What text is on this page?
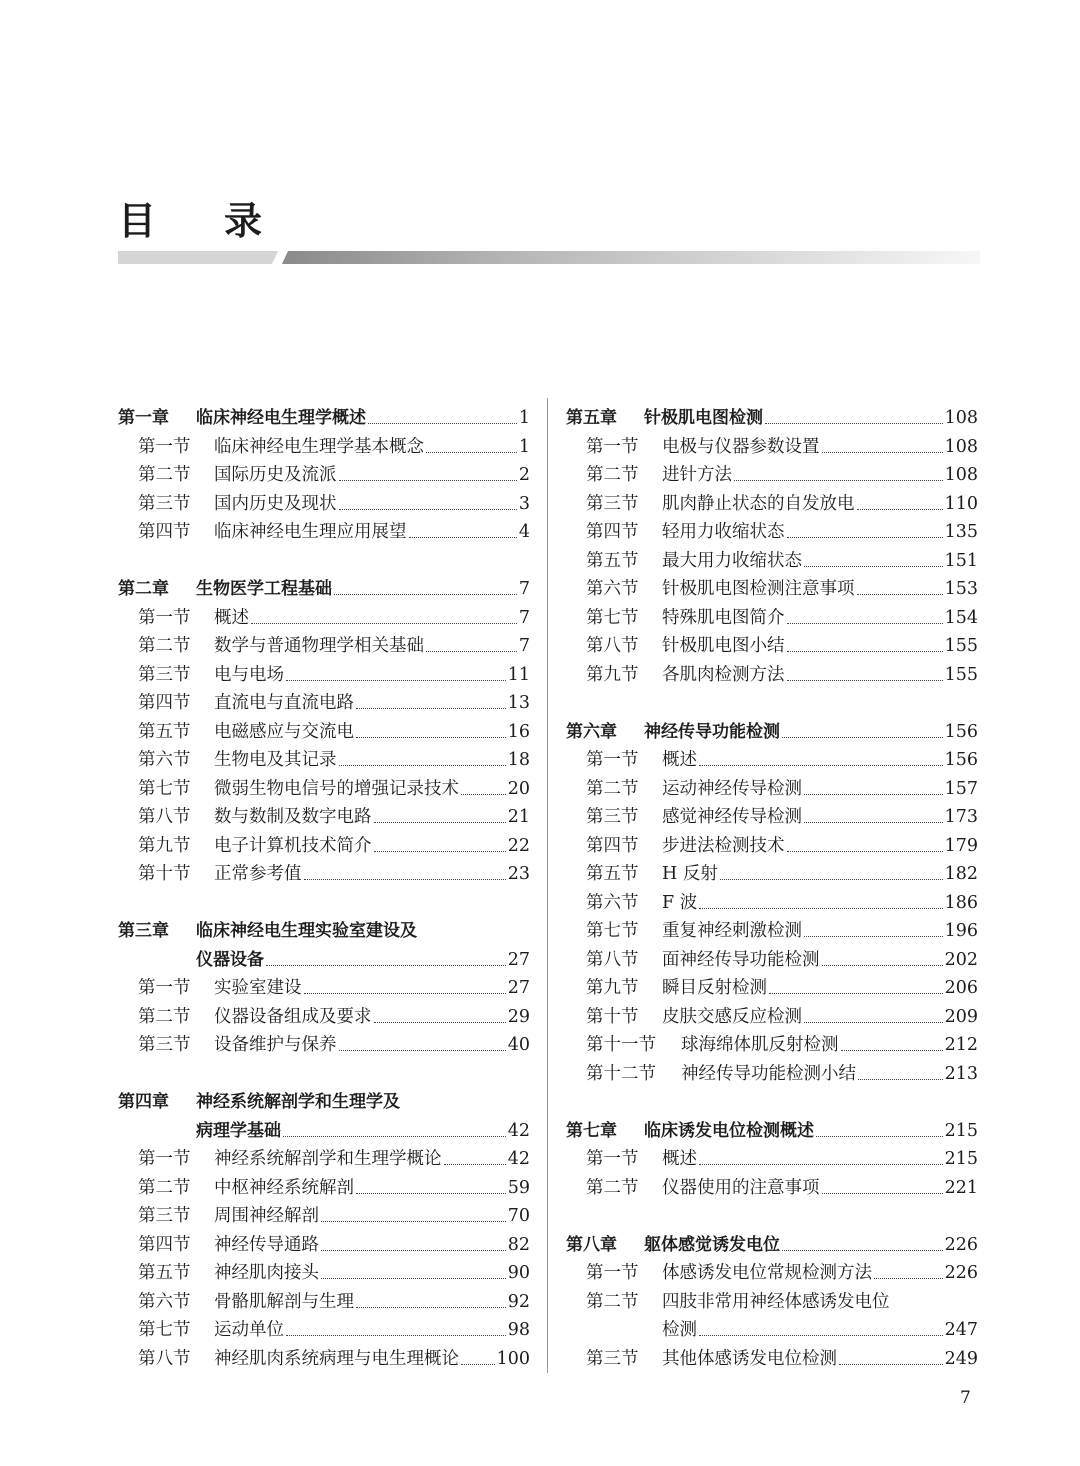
目 录
第一章	临床神经电生理学概述	1
第一节	临床神经电生理学基本概念	1
第二节	国际历史及流派	2
第三节	国内历史及现状	3
第四节	临床神经电生理应用展望	4
第二章	生物医学工程基础	7
第一节	概述	7
第二节	数学与普通物理学相关基础	7
第三节	电与电场	11
第四节	直流电与直流电路	13
第五节	电磁感应与交流电	16
第六节	生物电及其记录	18
第七节	微弱生物电信号的增强记录技术	20
第八节	数与数制及数字电路	21
第九节	电子计算机技术简介	22
第十节	正常参考值	23
第三章	临床神经电生理实验室建设及
仪器设备	27
第一节	实验室建设	27
第二节	仪器设备组成及要求	29
第三节	设备维护与保养	40
第四章	神经系统解剖学和生理学及
病理学基础	42
第一节	神经系统解剖学和生理学概论	42
第二节	中枢神经系统解剖	59
第三节	周围神经解剖	70
第四节	神经传导通路	82
第五节	神经肌肉接头	90
第六节	骨骼肌解剖与生理	92
第七节	运动单位	98
第八节	神经肌肉系统病理与电生理概论 100
第五章	针极肌电图检测	108
第一节	电极与仪器参数设置	108
第二节	进针方法	108
第三节	肌肉静止状态的自发放电	110
第四节	轻用力收缩状态	135
第五节	最大用力收缩状态	151
第六节	针极肌电图检测注意事项	153
第七节	特殊肌电图简介	154
第八节	针极肌电图小结	155
第九节	各肌肉检测方法	155
第六章	神经传导功能检测	156
第一节	概述	156
第二节	运动神经传导检测	157
第三节	感觉神经传导检测	173
第四节	步进法检测技术	179
第五节	H 反射	182
第六节	F 波	186
第七节	重复神经刺激检测	196
第八节	面神经传导功能检测	202
第九节	瞬目反射检测	206
第十节	皮肤交感反应检测	209
第十一节	球海绵体肌反射检测	212
第十二节	神经传导功能检测小结	213
第七章	临床诱发电位检测概述	215
第一节	概述	215
第二节	仪器使用的注意事项	221
第八章	躯体感觉诱发电位	226
第一节	体感诱发电位常规检测方法	226
第二节	四肢非常用神经体感诱发电位
检测	247
第三节	其他体感诱发电位检测	249
7
